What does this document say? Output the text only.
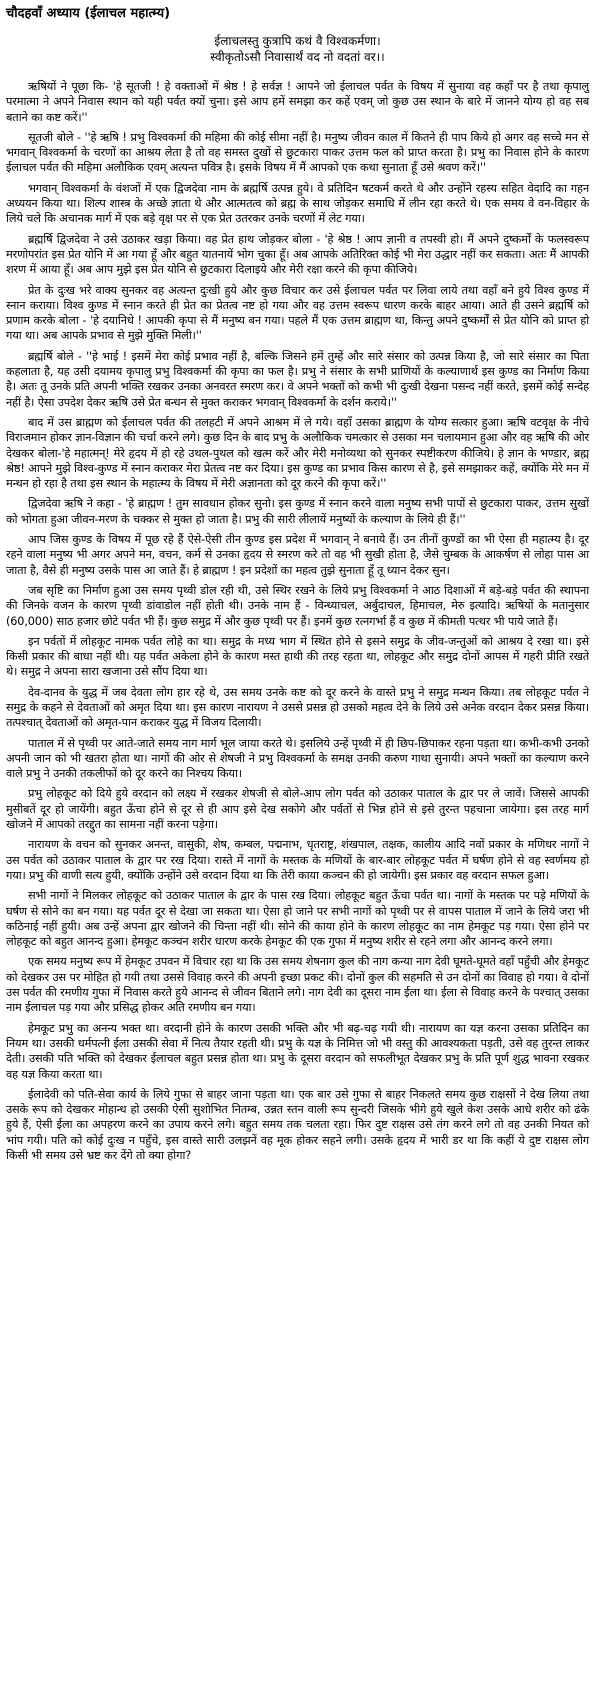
चौदहवाँ अध्याय (ईलाचल महात्म्य)
ईलाचलस्तु कुत्रापि कथं वै विश्वकर्मणा।
स्वीकृतोऽसौ निवासार्थं वद नो वदतां वर।।

ऋषियों ने पूछा कि- 'हे सूतजी ! हे वक्ताओं में श्रेष्ठ ! हे सर्वज्ञ ! आपने जो ईलाचल पर्वत के विषय में सुनाया वह कहाँ पर है तथा कृपालु परमात्मा ने अपने निवास स्थान को यही पर्वत क्यों चुना। इसे आप हमें समझा कर कहें एवम् जो कुछ उस स्थान के बारे में जानने योग्य हो वह सब बताने का कष्ट करें।''

सूतजी बोले - ''हे ऋषि ! प्रभु विश्वकर्मा की महिमा की कोई सीमा नहीं है। मनुष्य जीवन काल में कितने ही पाप किये हो अगर वह सच्चे मन से भगवान् विश्वकर्मा के चरणों का आश्रय लेता है तो वह समस्त दुखों से छुटकारा पाकर उत्तम फल को प्राप्त करता है। प्रभु का निवास होने के कारण ईलाचल पर्वत की महिमा अलौकिक एवम् अत्यन्त पवित्र है। इसके विषय में मैं आपको एक कथा सुनाता हूँ उसे श्रवण करें।''

भगवान् विश्वकर्मा के वंशजों में एक द्विजदेवा नाम के ब्रह्मर्षि उत्पन्न हुये। वे प्रतिदिन षटकर्म करते थे और उन्होंने रहस्य सहित वेदादि का गहन अध्ययन किया था। शिल्प शास्त्र के अच्छे ज्ञाता थे और आत्मतत्व को ब्रह्म के साथ जोड़कर समाधि में लीन रहा करते थे। एक समय वे वन-विहार के लिये चले कि अचानक मार्ग में एक बड़े वृक्ष पर से एक प्रेत उतरकर उनके चरणों में लेट गया।

ब्रह्मर्षि द्विजदेवा ने उसे उठाकर खड़ा किया। वह प्रेत हाथ जोड़कर बोला - 'हे श्रेष्ठ ! आप ज्ञानी व तपस्वी हो। मैं अपने दुष्कर्मों के फलस्वरूप मरणोपरांत इस प्रेत योनि में आ गया हूँ और बहुत यातनायें भोग चुका हूँ। अब आपके अतिरिक्त कोई भी मेरा उद्धार नहीं कर सकता। अतः मैं आपकी शरण में आया हूँ। अब आप मुझे इस प्रेत योनि से छुटकारा दिलाइये और मेरी रक्षा करने की कृपा कीजिये।

प्रेत के दुःख भरे वाक्य सुनकर वह अत्यन्त दुःखी हुये और कुछ विचार कर उसे ईलाचल पर्वत पर लिवा लाये तथा वहाँ बने हुये विश्व कुण्ड में स्नान कराया। विश्व कुण्ड में स्नान करते ही प्रेत का प्रेतत्व नष्ट हो गया और वह उत्तम स्वरूप धारण करके बाहर आया। आते ही उसने ब्रह्मर्षि को प्रणाम करके बोला - 'हे दयानिधे ! आपकी कृपा से मैं मनुष्य बन गया। पहले मैं एक उत्तम ब्राह्मण था, किन्तु अपने दुष्कर्मों से प्रेत योनि को प्राप्त हो गया था। अब आपके प्रभाव से मुझे मुक्ति मिली।''

ब्रह्मर्षि बोले - ''हे भाई ! इसमें मेरा कोई प्रभाव नहीं है, बल्कि जिसने हमें तुम्हें और सारे संसार को उत्पन्न किया है, जो सारे संसार का पिता कहलाता है, यह उसी दयामय कृपालु प्रभु विश्वकर्मा की कृपा का फल है। प्रभु ने संसार के सभी प्राणियों के कल्याणार्थ इस कुण्ड का निर्माण किया है। अतः तू उनके प्रति अपनी भक्ति रखकर उनका अनवरत स्मरण कर। वे अपने भक्तों को कभी भी दुःखी देखना पसन्द नहीं करते, इसमें कोई सन्देह नहीं है। ऐसा उपदेश देकर ऋषि उसे प्रेत बन्धन से मुक्त कराकर भगवान् विश्वकर्मा के दर्शन कराये।''

बाद में उस ब्राह्मण को ईलाचल पर्वत की तलहटी में अपने आश्रम में ले गये। वहाँ उसका ब्राह्मण के योग्य सत्कार हुआ। ऋषि वटवृक्ष के नीचे विराजमान होकर ज्ञान-विज्ञान की चर्चा करने लगे। कुछ दिन के बाद प्रभु के अलौकिक चमत्कार से उसका मन चलायमान हुआ और वह ऋषि की ओर देखकर बोला-'हे महात्मन्! मेरे हृदय में हो रहे उथल-पुथल को खत्म करें और मेरी मनोव्यथा को सुनकर स्पष्टीकरण कीजिये। हे ज्ञान के भण्डार, ब्रह्म श्रेष्ठ! आपने मुझे विश्व-कुण्ड में स्नान कराकर मेरा प्रेतत्व नष्ट कर दिया। इस कुण्ड का प्रभाव किस कारण से है, इसे समझाकर कहें, क्योंकि मेरे मन में मन्थन हो रहा है तथा इस स्थान के महात्म्य के विषय में मेरी अज्ञानता को दूर करने की कृपा करें।''

द्विजदेवा ऋषि ने कहा - 'हे ब्राह्मण ! तुम सावधान होकर सुनो। इस कुण्ड में स्नान करने वाला मनुष्य सभी पापों से छुटकारा पाकर, उत्तम सुखों को भोगता हुआ जीवन-मरण के चक्कर से मुक्त हो जाता है। प्रभु की सारी लीलायें मनुष्यों के कल्याण के लिये ही हैं।''

आप जिस कुण्ड के विषय में पूछ रहे हैं ऐसे-ऐसी तीन कुण्ड इस प्रदेश में भगवान् ने बनाये हैं। उन तीनों कुण्डों का भी ऐसा ही महात्म्य है। दूर रहने वाला मनुष्य भी अगर अपने मन, वचन, कर्म से उनका हृदय से स्मरण करे तो वह भी सुखी होता है, जैसे चुम्बक के आकर्षण से लोहा पास आ जाता है, वैसे ही मनुष्य उसके पास आ जाते हैं। हे ब्राह्मण ! इन प्रदेशों का महत्व तुझे सुनाता हूँ तू ध्यान देकर सुन।

जब सृष्टि का निर्माण हुआ उस समय पृथ्वी डोल रही थी, उसे स्थिर रखने के लिये प्रभु विश्वकर्मा ने आठ दिशाओं में बड़े-बड़े पर्वत की स्थापना की जिनके वजन के कारण पृथ्वी डांवाडोल नहीं होती थी। उनके नाम हैं - विन्ध्याचल, अर्बुदाचल, हिमाचल, मेरु इत्यादि। ऋषियों के मतानुसार (60,000) साठ हजार छोटे पर्वत भी हैं। कुछ समुद्र में और कुछ पृथ्वी पर हैं। इनमें कुछ रत्नगर्भा हैं व कुछ में कीमती पत्थर भी पाये जाते हैं।

इन पर्वतों में लोहकूट नामक पर्वत लोहे का था। समुद्र के मध्य भाग में स्थित होने से इसने समुद्र के जीव-जन्तुओं को आश्रय दे रखा था। इसे किसी प्रकार की बाधा नहीं थी। यह पर्वत अकेला होने के कारण मस्त हाथी की तरह रहता था, लोहकूट और समुद्र दोनों आपस में गहरी प्रीति रखते थे। समुद्र ने अपना सारा खजाना उसे सौंप दिया था।

देव-दानव के युद्ध में जब देवता लोग हार रहे थे, उस समय उनके कष्ट को दूर करने के वास्ते प्रभु ने समुद्र मन्थन किया। तब लोहकूट पर्वत ने समुद्र के कहने से देवताओं को अमृत दिया था। इस कारण नारायण ने उससे प्रसन्न हो उसको महत्व देने के लिये उसे अनेक वरदान देकर प्रसन्न किया। तत्पश्चात् देवताओं को अमृत-पान कराकर युद्ध में विजय दिलायी।

पाताल में से पृथ्वी पर आते-जाते समय नाग मार्ग भूल जाया करते थे। इसलिये उन्हें पृथ्वी में ही छिप-छिपाकर रहना पड़ता था। कभी-कभी उनको अपनी जान को भी खतरा होता था। नागों की ओर से शेषजी ने प्रभु विश्वकर्मा के समक्ष उनकी करुण गाथा सुनायी। अपने भक्तों का कल्याण करने वाले प्रभु ने उनकी तकलीफों को दूर करने का निश्चय किया।

प्रभु लोहकूट को दिये हुये वरदान को लक्ष्य में रखकर शेषजी से बोले-आप लोग पर्वत को उठाकर पाताल के द्वार पर ले जावें। जिससे आपकी मुसीबतें दूर हो जायेंगी। बहुत ऊँचा होने से दूर से ही आप इसे देख सकोगे और पर्वतों से भिन्न होने से इसे तुरन्त पहचाना जायेगा। इस तरह मार्ग खोजने में आपको तरद्दुत का सामना नहीं करना पड़ेगा।

नारायण के वचन को सुनकर अनन्त, वासुकी, शेष, कम्बल, पद्मनाभ, धृतराष्ट्र, शंखपाल, तक्षक, कालीय आदि नवों प्रकार के मणिधर नागों ने उस पर्वत को उठाकर पाताल के द्वार पर रख दिया। रास्ते में नागों के मस्तक के मणियों के बार-बार लोहकूट पर्वत में घर्षण होने से वह स्वर्णमय हो गया। प्रभु की वाणी सत्य हुयी, क्योंकि उन्होंने उसे वरदान दिया था कि तेरी काया कञ्चन की हो जायेगी। इस प्रकार वह वरदान सफल हुआ।

सभी नागों ने मिलकर लोहकूट को उठाकर पाताल के द्वार के पास रख दिया। लोहकूट बहुत ऊँचा पर्वत था। नागों के मस्तक पर पड़े मणियों के घर्षण से सोने का बन गया। यह पर्वत दूर से देखा जा सकता था। ऐसा हो जाने पर सभी नागों को पृथ्वी पर से वापस पाताल में जाने के लिये जरा भी कठिनाई नहीं हुयी। अब उन्हें अपना द्वार खोजने की चिन्ता नहीं थी। सोने की काया होने के कारण लोहकूट का नाम हेमकूट पड़ गया। ऐसा होने पर लोहकूट को बहुत आनन्द हुआ। हेमकूट कञ्चन शरीर धारण करके हेमकूट की एक गुफा में मनुष्य शरीर से रहने लगा और आनन्द करने लगा।

एक समय मनुष्य रूप में हेमकूट उपवन में विचार रहा था कि उस समय शेषनाग कुल की नाग कन्या नाग देवी घूमते-घूमते वहाँ पहुँची और हेमकूट को देखकर उस पर मोहित हो गयी तथा उससे विवाह करने की अपनी इच्छा प्रकट की। दोनों कुल की सहमति से उन दोनों का विवाह हो गया। वे दोनों उस पर्वत की रमणीय गुफा में निवास करते हुये आनन्द से जीवन बिताने लगे। नाग देवी का दूसरा नाम ईला था। ईला से विवाह करने के पश्चात् उसका नाम ईलाचल पड़ गया और प्रसिद्ध होकर अति रमणीय बन गया।

हेमकूट प्रभु का अनन्य भक्त था। वरदानी होने के कारण उसकी भक्ति और भी बढ़-चढ़ गयी थी। नारायण का यज्ञ करना उसका प्रतिदिन का नियम था। उसकी धर्मपत्नी ईला उसकी सेवा में नित्य तैयार रहती थी। प्रभु के यज्ञ के निमित्त जो भी वस्तु की आवश्यकता पड़ती, उसे वह तुरन्त लाकर देती। उसकी पति भक्ति को देखकर ईलाचल बहुत प्रसन्न होता था। प्रभु के दूसरा वरदान को सफलीभूत देखकर प्रभु के प्रति पूर्ण शुद्ध भावना रखकर वह यज्ञ किया करता था।

ईलादेवी को पति-सेवा कार्य के लिये गुफा से बाहर जाना पड़ता था। एक बार उसे गुफा से बाहर निकलते समय कुछ राक्षसों ने देख लिया तथा उसके रूप को देखकर मोहान्ध हो उसकी ऐसी सुशोभित नितम्ब, उन्नत स्तन वाली रूप सुन्दरी जिसके भीगे हुये खुले केश उसके आधे शरीर को ढंके हुये हैं, ऐसी ईला का अपहरण करने का उपाय करने लगे। बहुत समय तक चलता रहा। फिर दुष्ट राक्षस उसे तंग करने लगे तो वह उनकी नियत को भांप गयी। पति को कोई दुःख न पहुँचे, इस वास्ते सारी उलझनें वह मूक होकर सहने लगी। उसके हृदय में भारी डर था कि कहीं ये दुष्ट राक्षस लोग किसी भी समय उसे भ्रष्ट कर देंगे तो क्या होगा?
